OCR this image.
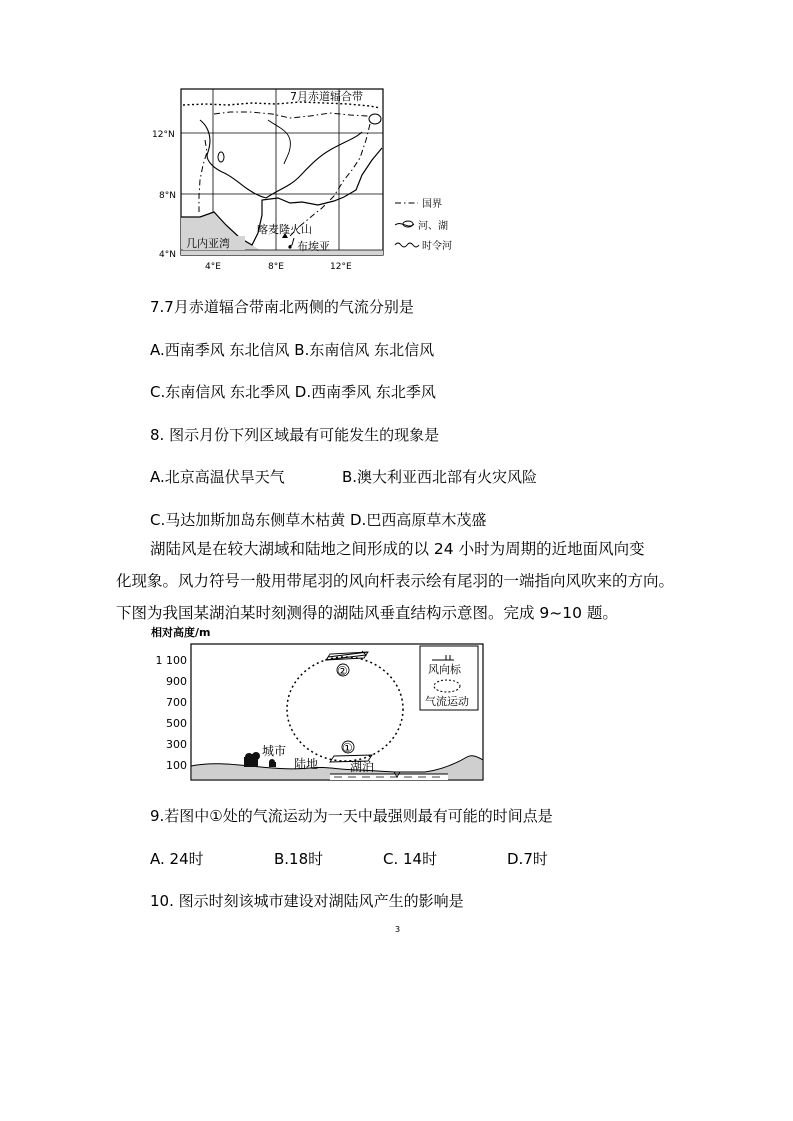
7月赤道辐合带
12°N
8°N
4°N
4°E	8°E	12°E
几内亚湾
喀麦隆火山
布埃亚
国界
河、湖
时令河
7.7月赤道辐合带南北两侧的气流分别是
A.西南季风 东北信风 B.东南信风 东北信风
C.东南信风 东北季风 D.西南季风 东北季风
8. 图示月份下列区域最有可能发生的现象是
A.北京高温伏旱天气	B.澳大利亚西北部有火灾风险
C.马达加斯加岛东侧草木枯黄 D.巴西高原草木茂盛
湖陆风是在较大湖域和陆地之间形成的以 24 小时为周期的近地面风向变
化现象。风力符号一般用带尾羽的风向杆表示绘有尾羽的一端指向风吹来的方向。
下图为我国某湖泊某时刻测得的湖陆风垂直结构示意图。完成 9~10 题。
相对高度/m
1 100
900
700
500
300
100
②
①
城市
陆地	湖泊
风向标
气流运动
9.若图中①处的气流运动为一天中最强则最有可能的时间点是
A. 24时	B.18时	C. 14时	D.7时
10. 图示时刻该城市建设对湖陆风产生的影响是
3
